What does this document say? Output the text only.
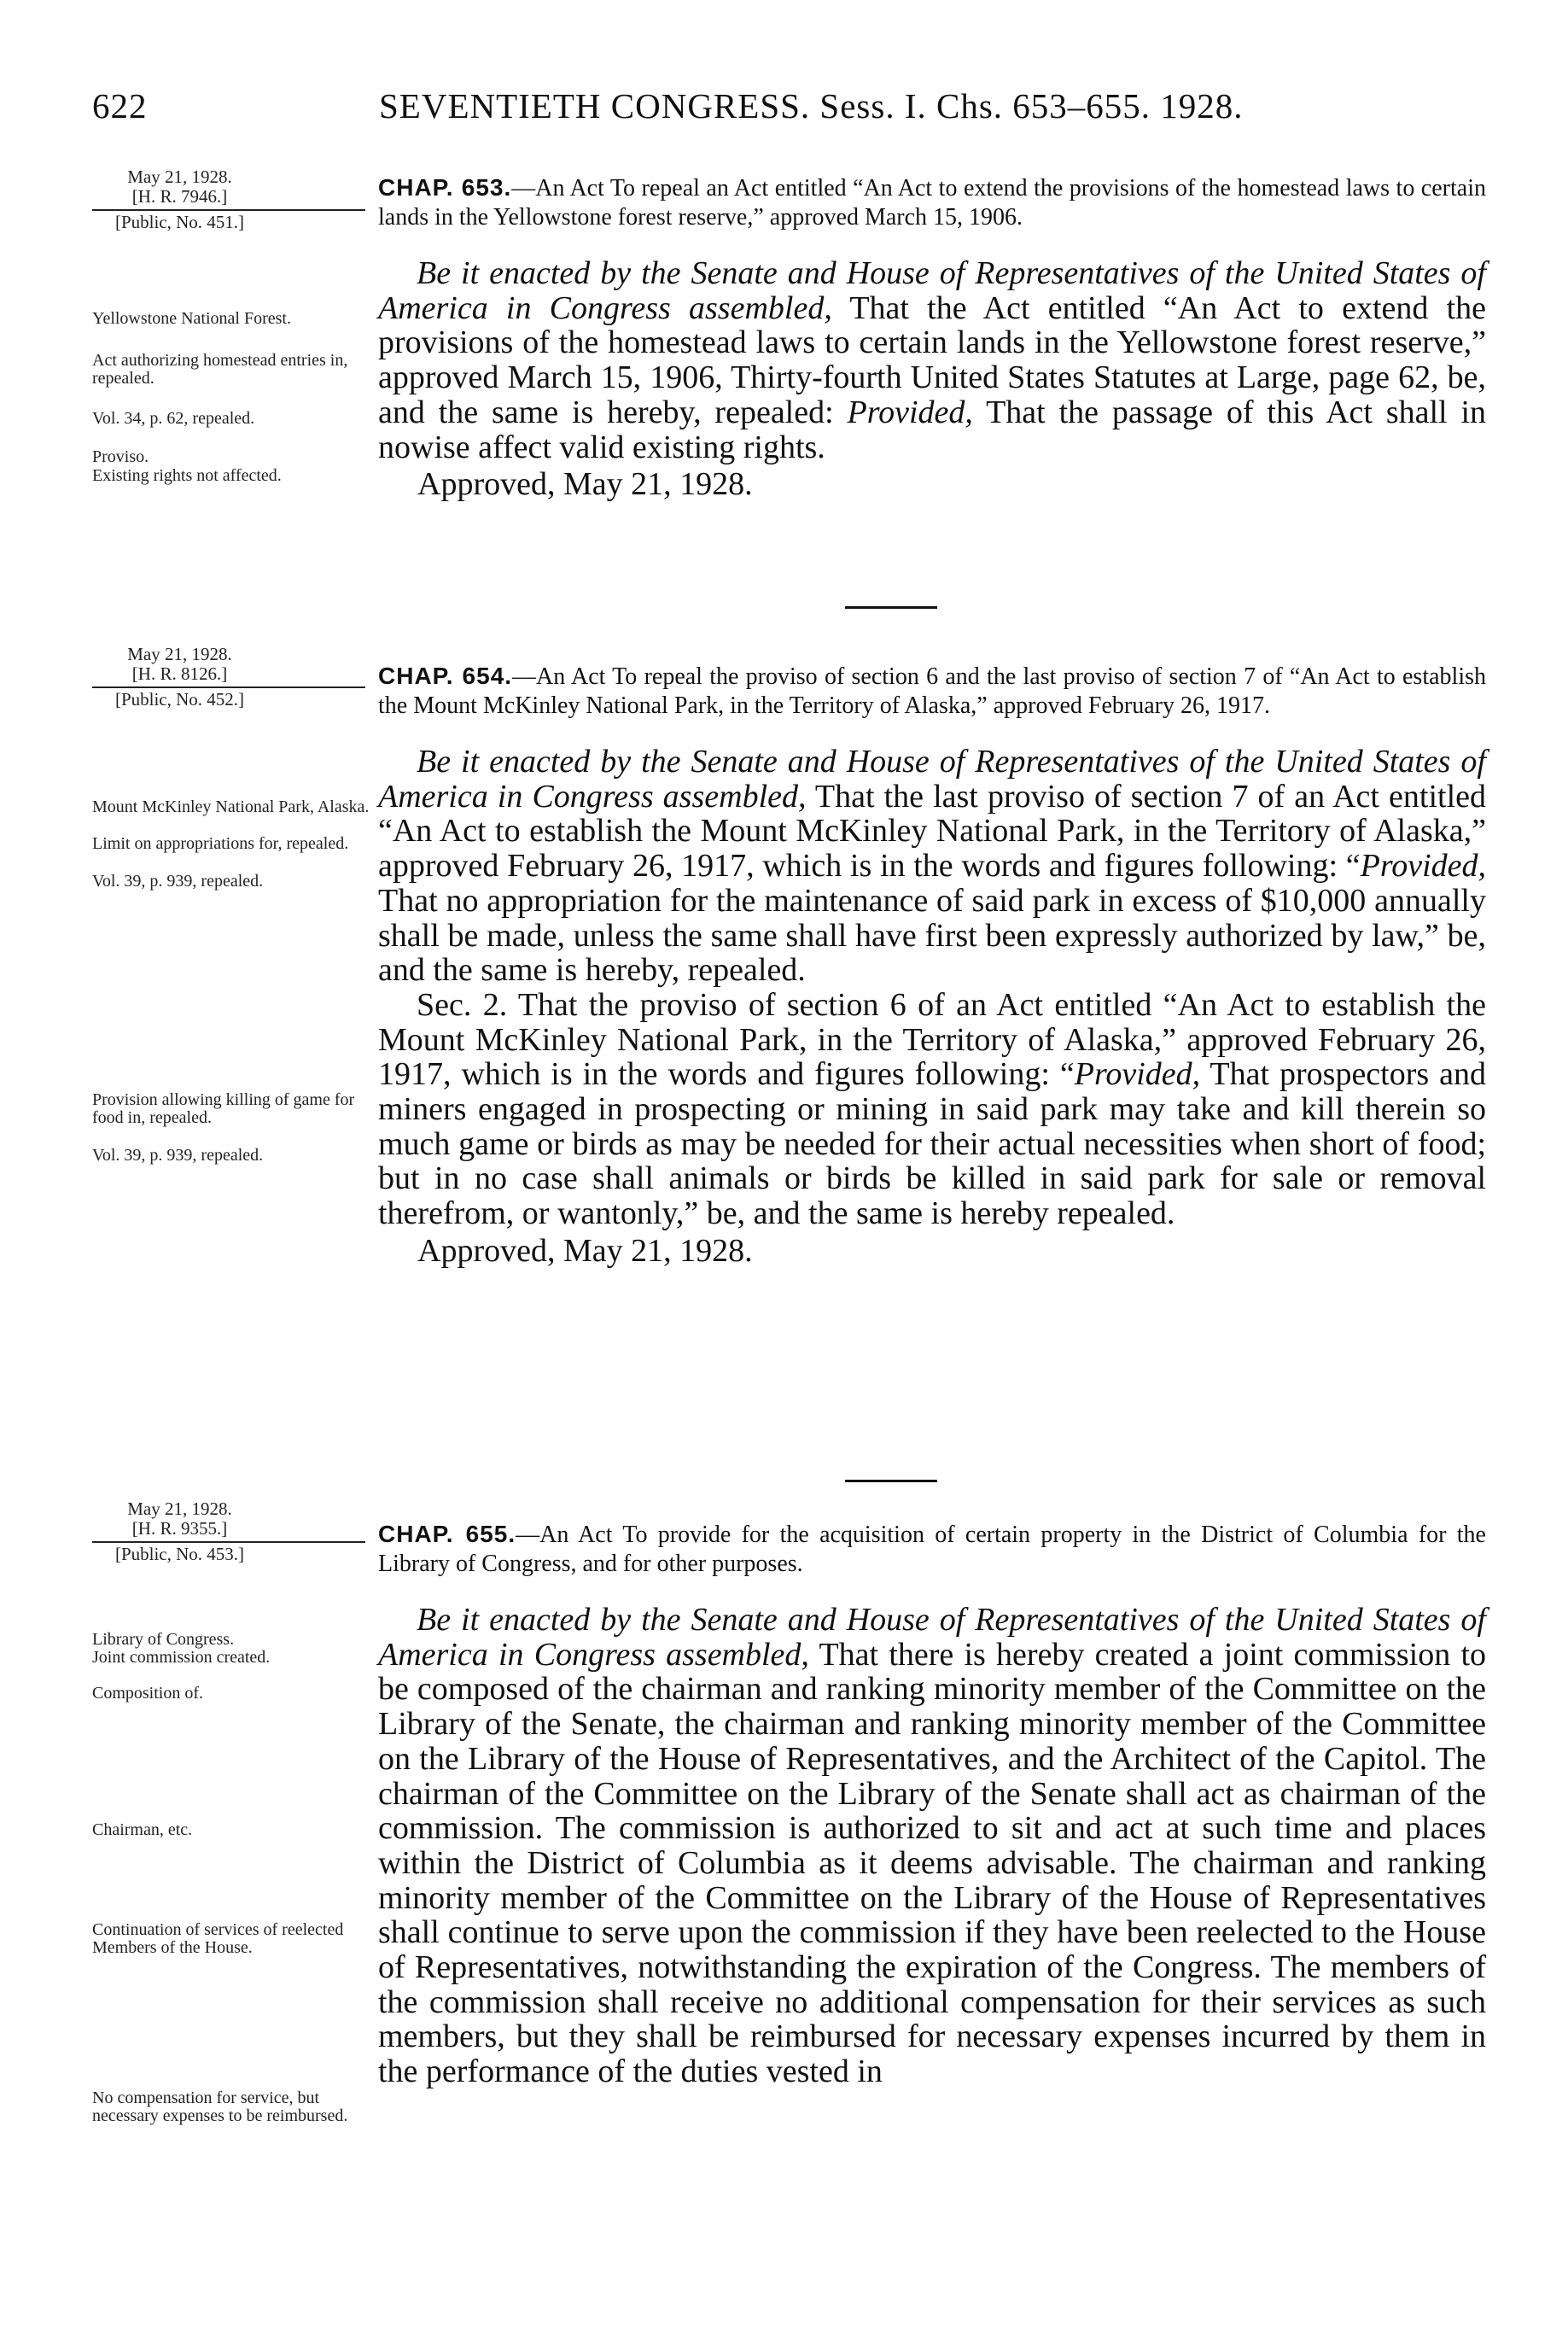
622	SEVENTIETH CONGRESS. Sess. I. Chs. 653–655. 1928.
May 21, 1928.
[H. R. 7946.]
[Public, No. 451.]
CHAP. 653.—An Act To repeal an Act entitled “An Act to extend the provisions of the homestead laws to certain lands in the Yellowstone forest reserve,” approved March 15, 1906.

Be it enacted by the Senate and House of Representatives of the United States of America in Congress assembled, That the Act entitled “An Act to extend the provisions of the homestead laws to certain lands in the Yellowstone forest reserve,” approved March 15, 1906, Thirty-fourth United States Statutes at Large, page 62, be, and the same is hereby, repealed: Provided, That the passage of this Act shall in nowise affect valid existing rights.

Approved, May 21, 1928.
Yellowstone National Forest.
Act authorizing homestead entries in, repealed.
Vol. 34, p. 62, repealed.
Proviso.
Existing rights not affected.
May 21, 1928.
[H. R. 8126.]
[Public, No. 452.]
CHAP. 654.—An Act To repeal the proviso of section 6 and the last proviso of section 7 of “An Act to establish the Mount McKinley National Park, in the Territory of Alaska,” approved February 26, 1917.

Be it enacted by the Senate and House of Representatives of the United States of America in Congress assembled, That the last proviso of section 7 of an Act entitled “An Act to establish the Mount McKinley National Park, in the Territory of Alaska,” approved February 26, 1917, which is in the words and figures following: “Provided, That no appropriation for the maintenance of said park in excess of $10,000 annually shall be made, unless the same shall have first been expressly authorized by law,” be, and the same is hereby, repealed.

Sec. 2. That the proviso of section 6 of an Act entitled “An Act to establish the Mount McKinley National Park, in the Territory of Alaska,” approved February 26, 1917, which is in the words and figures following: “Provided, That prospectors and miners engaged in prospecting or mining in said park may take and kill therein so much game or birds as may be needed for their actual necessities when short of food; but in no case shall animals or birds be killed in said park for sale or removal therefrom, or wantonly,” be, and the same is hereby repealed.

Approved, May 21, 1928.
Mount McKinley National Park, Alaska.
Limit on appropriations for, repealed.
Vol. 39, p. 939, repealed.
Provision allowing killing of game for food in, repealed.
Vol. 39, p. 939, repealed.
May 21, 1928.
[H. R. 9355.]
[Public, No. 453.]
CHAP. 655.—An Act To provide for the acquisition of certain property in the District of Columbia for the Library of Congress, and for other purposes.

Be it enacted by the Senate and House of Representatives of the United States of America in Congress assembled, That there is hereby created a joint commission to be composed of the chairman and ranking minority member of the Committee on the Library of the Senate, the chairman and ranking minority member of the Committee on the Library of the House of Representatives, and the Architect of the Capitol. The chairman of the Committee on the Library of the Senate shall act as chairman of the commission. The commission is authorized to sit and act at such time and places within the District of Columbia as it deems advisable. The chairman and ranking minority member of the Committee on the Library of the House of Representatives shall continue to serve upon the commission if they have been reelected to the House of Representatives, notwithstanding the expiration of the Congress. The members of the commission shall receive no additional compensation for their services as such members, but they shall be reimbursed for necessary expenses incurred by them in the performance of the duties vested in

Library of Congress.
Joint commission created.
Composition of.
Chairman, etc.
Continuation of services of reelected Members of the House.
No compensation for service, but necessary expenses to be reimbursed.
